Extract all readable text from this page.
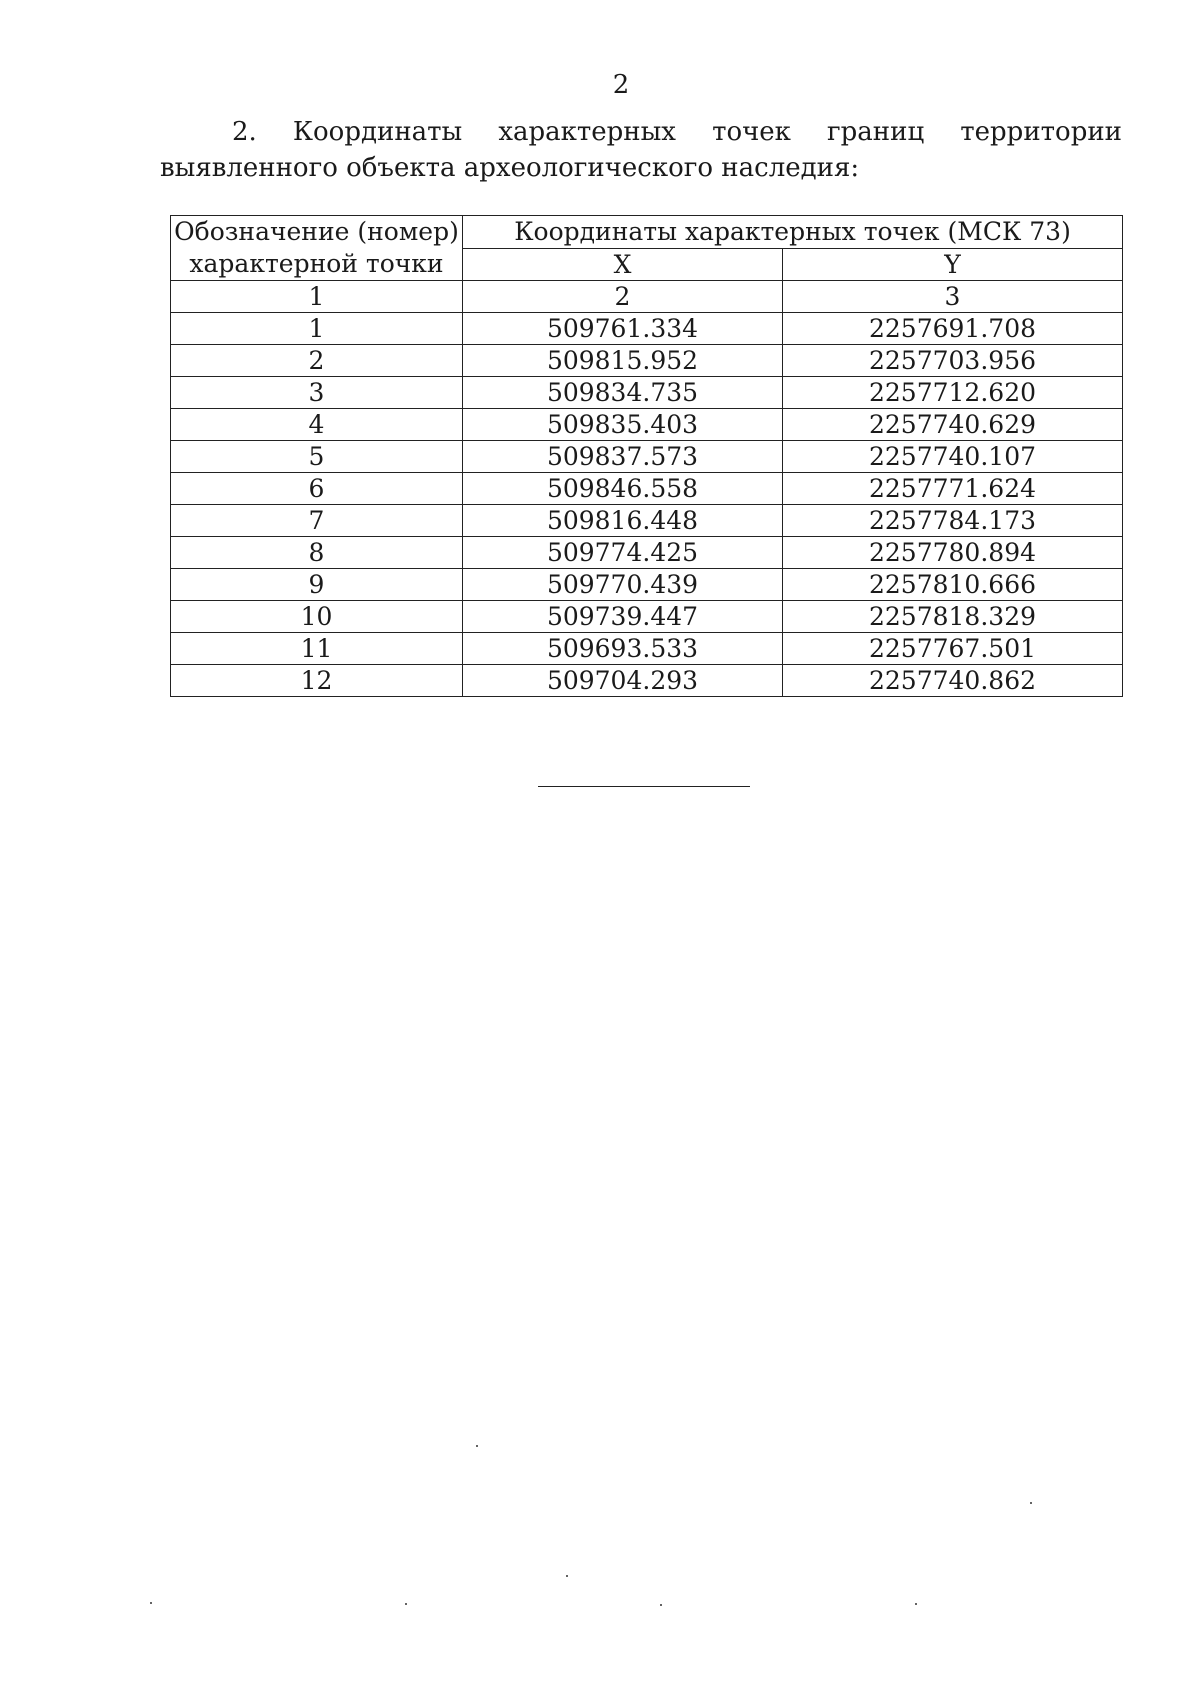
2

2. Координаты характерных точек границ территории выявленного объекта археологического наследия:

Обозначение (номер) характерной точки	Координаты характерных точек (МСК 73)	
	X	Y
1	2	3
1	509761.334	2257691.708
2	509815.952	2257703.956
3	509834.735	2257712.620
4	509835.403	2257740.629
5	509837.573	2257740.107
6	509846.558	2257771.624
7	509816.448	2257784.173
8	509774.425	2257780.894
9	509770.439	2257810.666
10	509739.447	2257818.329
11	509693.533	2257767.501
12	509704.293	2257740.862
